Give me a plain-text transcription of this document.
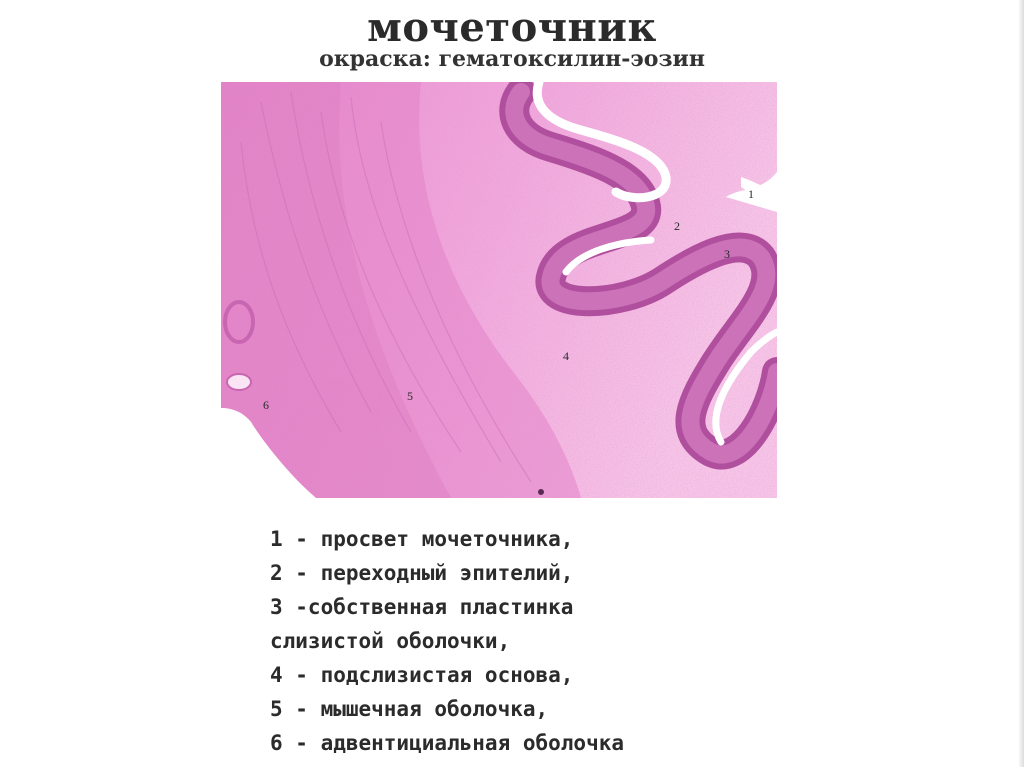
мочеточник
окраска: гематоксилин-эозин
1
2
3
4
5
6
1 - просвет мочеточника,
2 - переходный эпителий,
3 -собственная пластинка
слизистой оболочки,
4 - подслизистая основа,
5 - мышечная оболочка,
6 - адвентициальная оболочка
